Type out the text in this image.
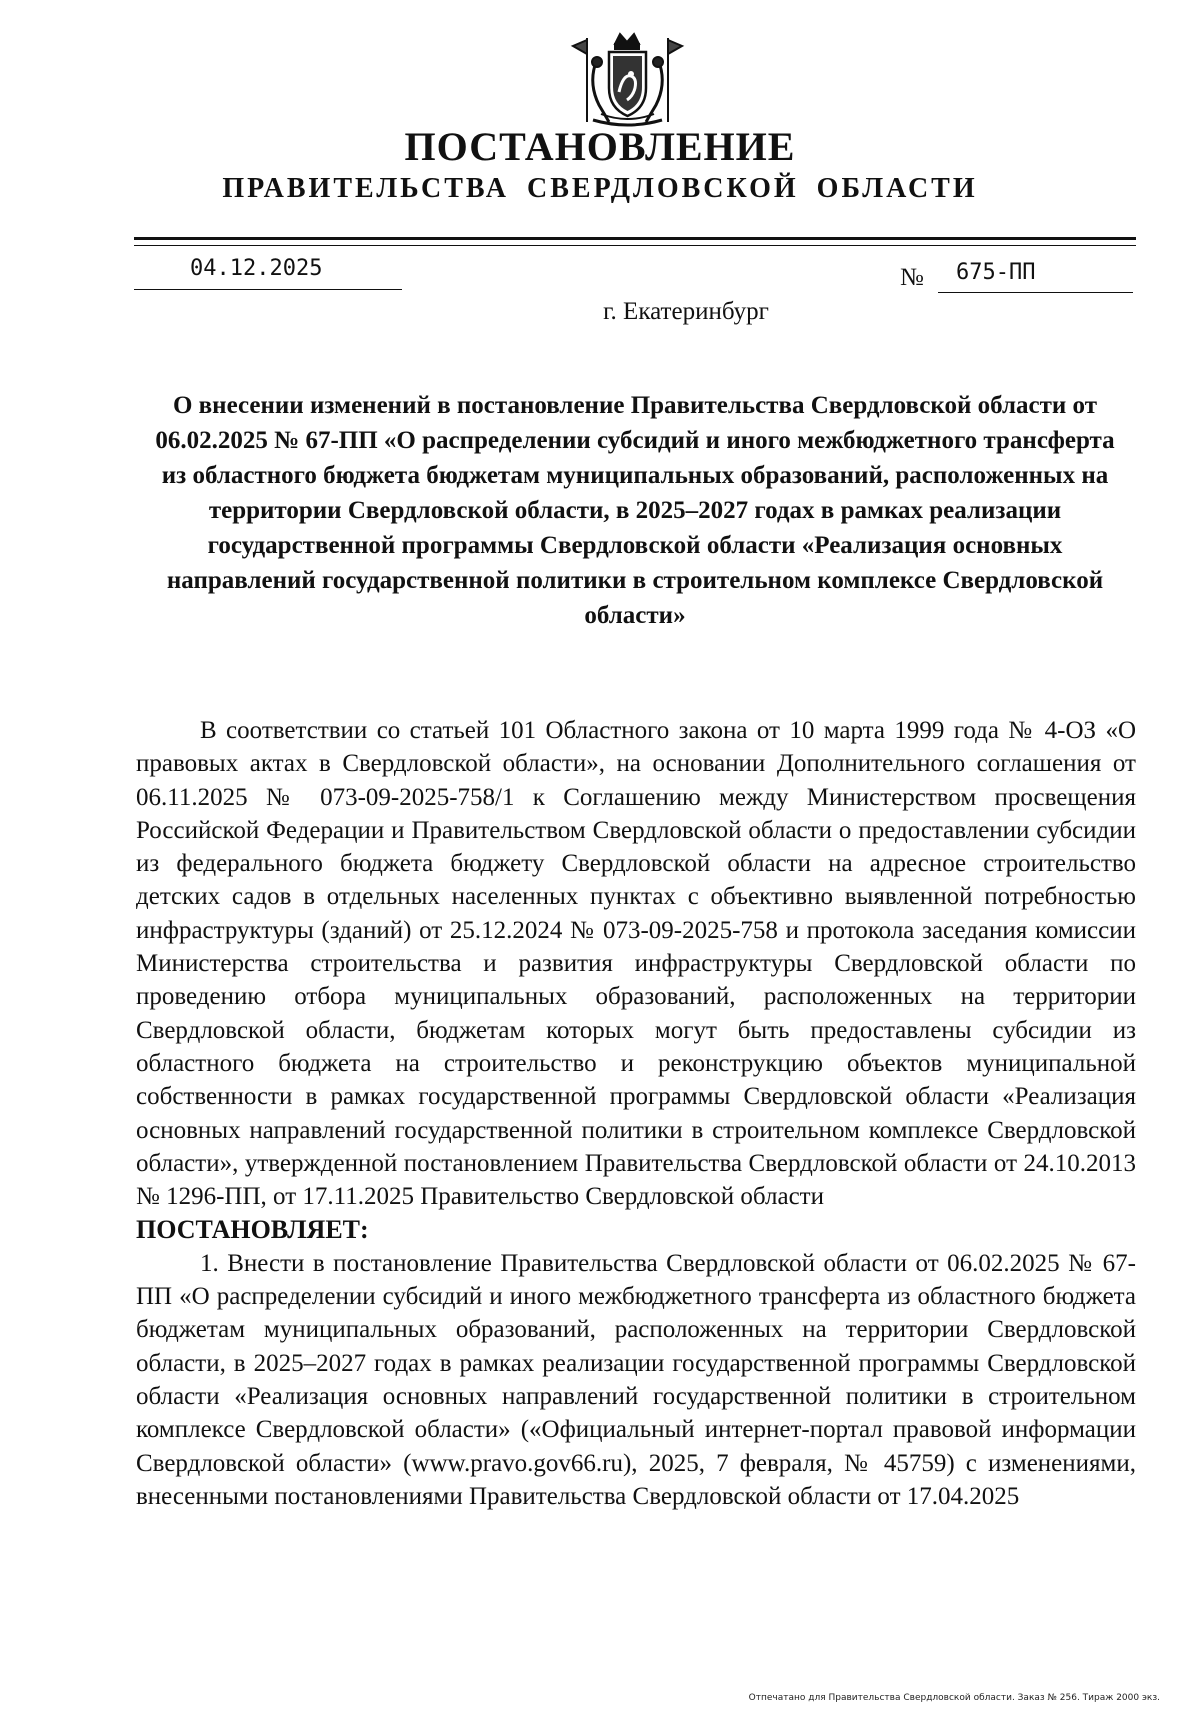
ПОСТАНОВЛЕНИЕ
ПРАВИТЕЛЬСТВА СВЕРДЛОВСКОЙ ОБЛАСТИ
04.12.2025	№ 675-ПП
г. Екатеринбург
О внесении изменений в постановление Правительства Свердловской области от 06.02.2025 № 67-ПП «О распределении субсидий и иного межбюджетного трансферта из областного бюджета бюджетам муниципальных образований, расположенных на территории Свердловской области, в 2025–2027 годах в рамках реализации государственной программы Свердловской области «Реализация основных направлений государственной политики в строительном комплексе Свердловской области»

В соответствии со статьей 101 Областного закона от 10 марта 1999 года № 4-ОЗ «О правовых актах в Свердловской области», на основании Дополнительного соглашения от 06.11.2025 № 073-09-2025-758/1 к Соглашению между Министерством просвещения Российской Федерации и Правительством Свердловской области о предоставлении субсидии из федерального бюджета бюджету Свердловской области на адресное строительство детских садов в отдельных населенных пунктах с объективно выявленной потребностью инфраструктуры (зданий) от 25.12.2024 № 073-09-2025-758 и протокола заседания комиссии Министерства строительства и развития инфраструктуры Свердловской области по проведению отбора муниципальных образований, расположенных на территории Свердловской области, бюджетам которых могут быть предоставлены субсидии из областного бюджета на строительство и реконструкцию объектов муниципальной собственности в рамках государственной программы Свердловской области «Реализация основных направлений государственной политики в строительном комплексе Свердловской области», утвержденной постановлением Правительства Свердловской области от 24.10.2013 № 1296-ПП, от 17.11.2025 Правительство Свердловской области

ПОСТАНОВЛЯЕТ:

1. Внести в постановление Правительства Свердловской области от 06.02.2025 № 67-ПП «О распределении субсидий и иного межбюджетного трансферта из областного бюджета бюджетам муниципальных образований, расположенных на территории Свердловской области, в 2025–2027 годах в рамках реализации государственной программы Свердловской области «Реализация основных направлений государственной политики в строительном комплексе Свердловской области» («Официальный интернет-портал правовой информации Свердловской области» (www.pravo.gov66.ru), 2025, 7 февраля, № 45759) с изменениями, внесенными постановлениями Правительства Свердловской области от 17.04.2025

Отпечатано для Правительства Свердловской области. Заказ № 256. Тираж 2000 экз.
